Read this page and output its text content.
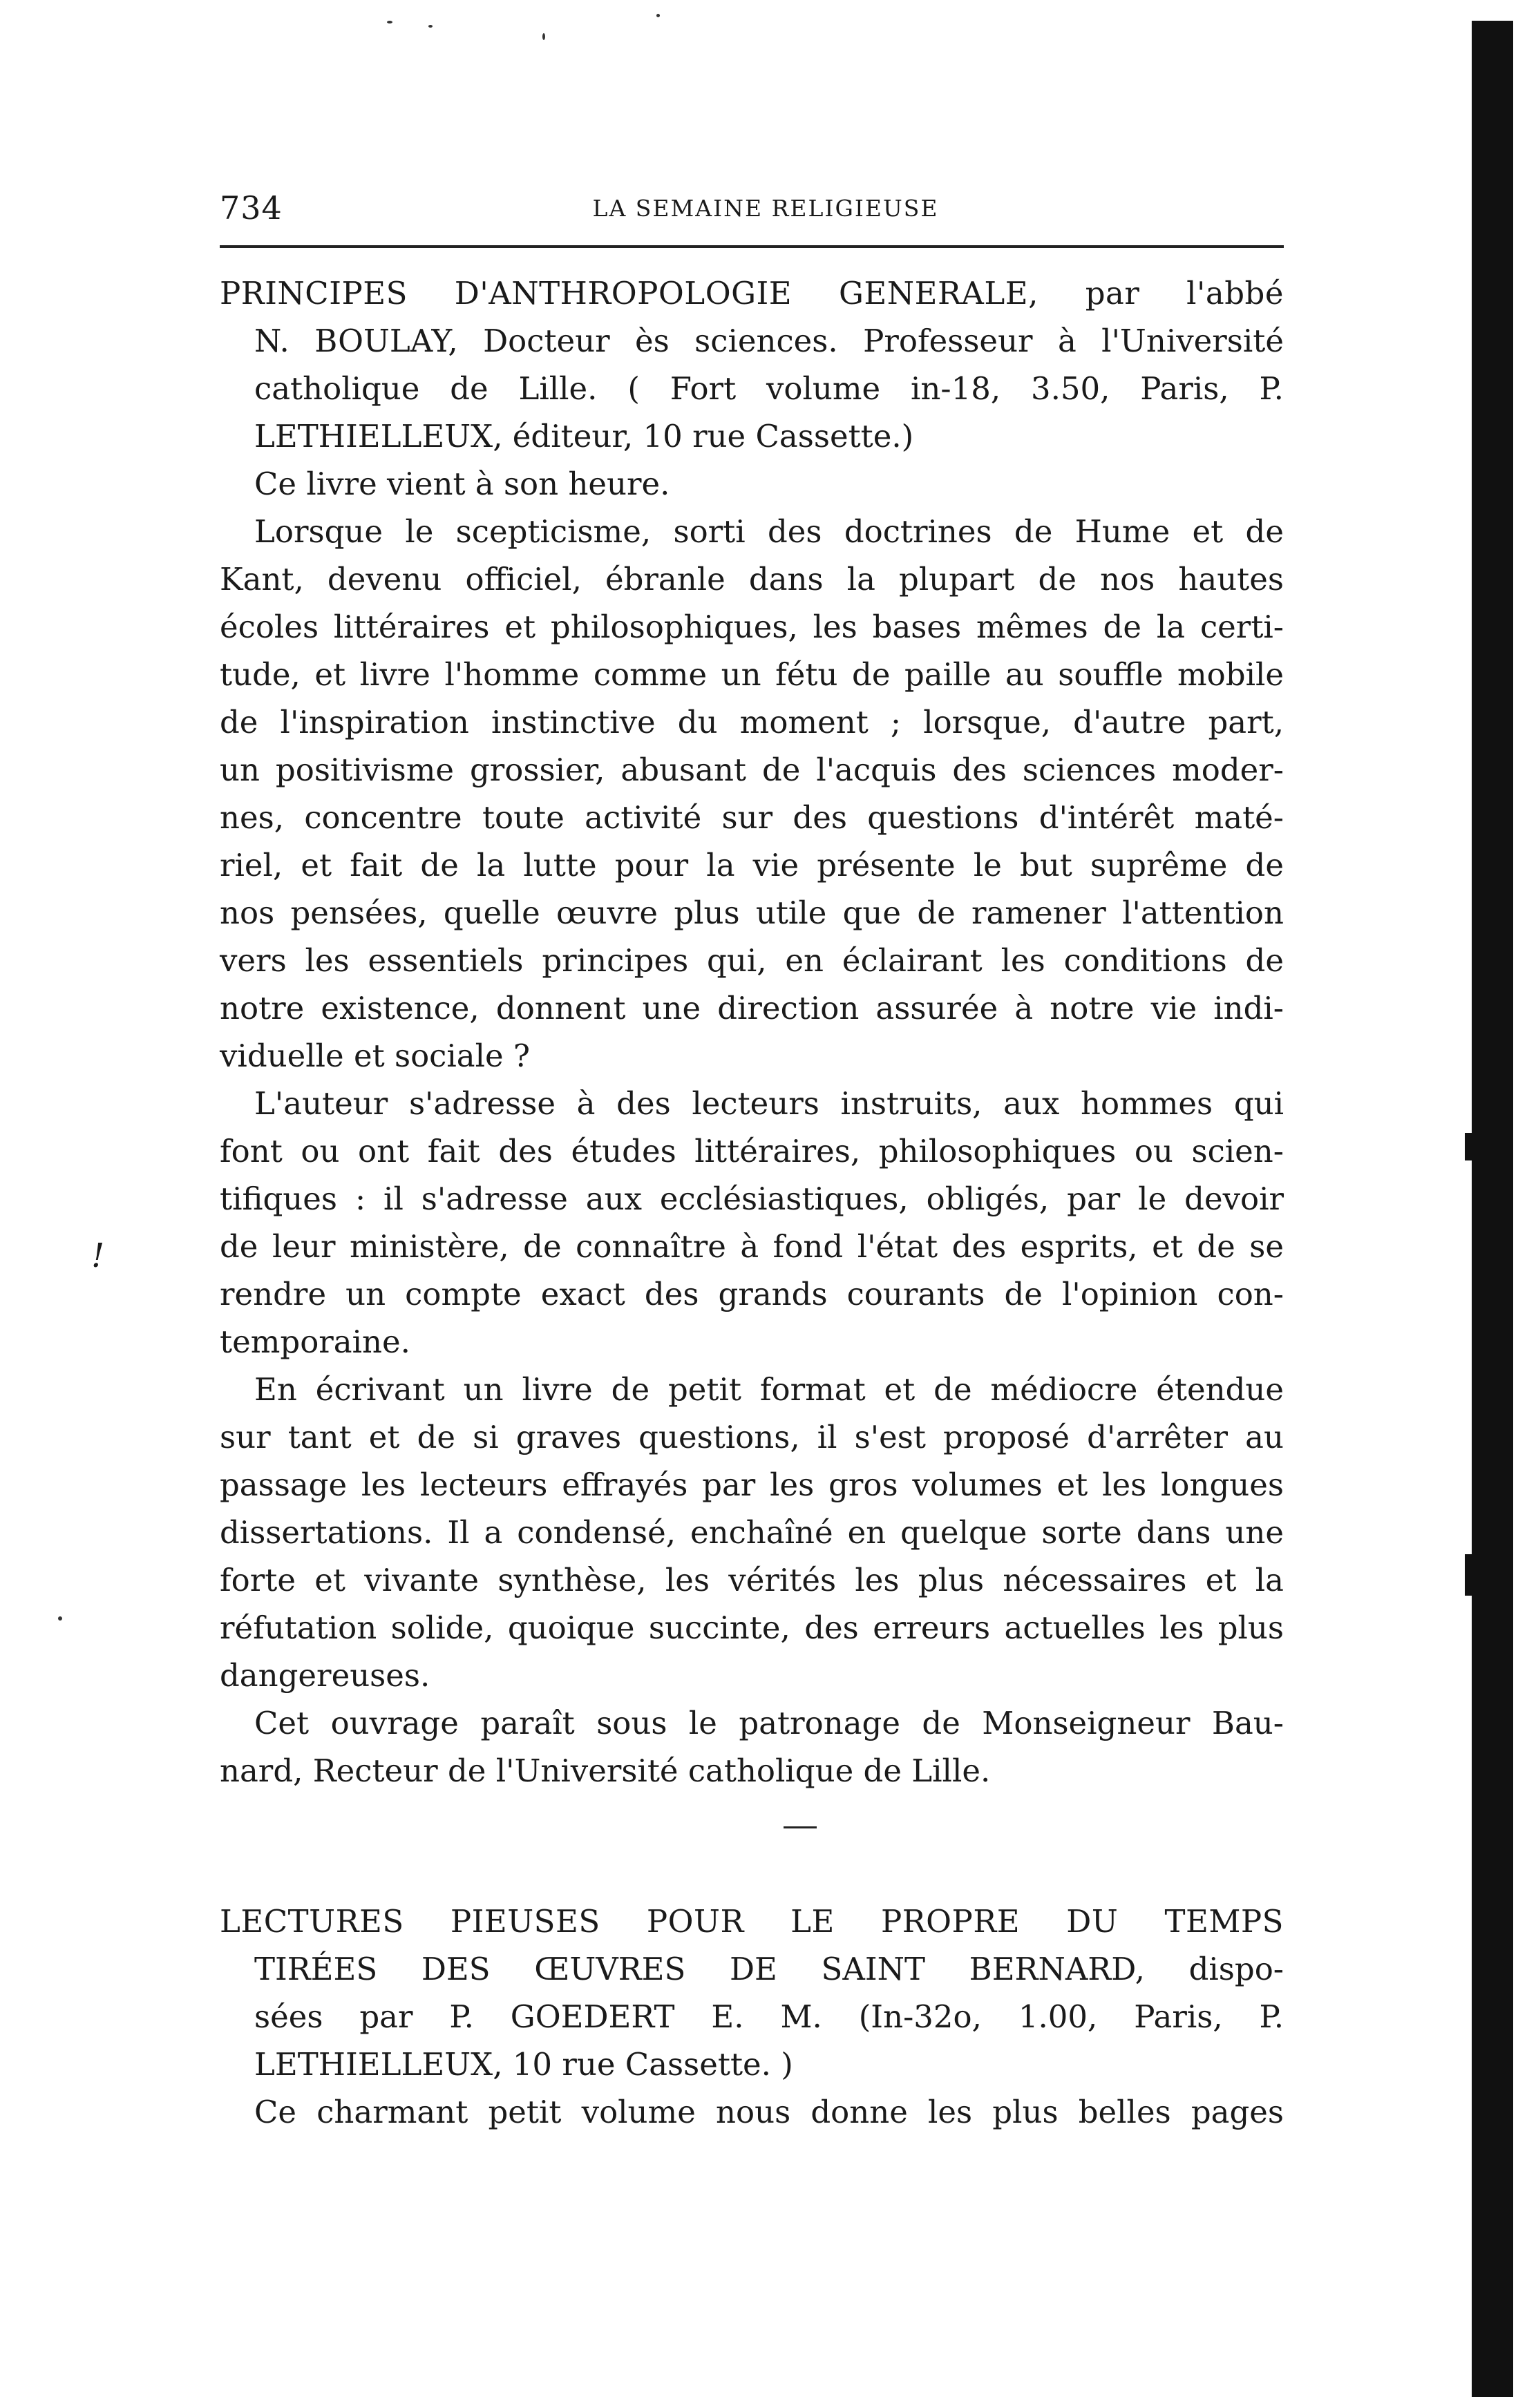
734	LA SEMAINE RELIGIEUSE
!
PRINCIPES D'ANTHROPOLOGIE GENERALE, par l'abbé
N. BOULAY, Docteur ès sciences. Professeur à l'Université
catholique de Lille. ( Fort volume in-18, 3.50, Paris, P.
LETHIELLEUX, éditeur, 10 rue Cassette.)
Ce livre vient à son heure.
Lorsque le scepticisme, sorti des doctrines de Hume et de
Kant, devenu officiel, ébranle dans la plupart de nos hautes
écoles littéraires et philosophiques, les bases mêmes de la certi-
tude, et livre l'homme comme un fétu de paille au souffle mobile
de l'inspiration instinctive du moment ; lorsque, d'autre part,
un positivisme grossier, abusant de l'acquis des sciences moder-
nes, concentre toute activité sur des questions d'intérêt maté-
riel, et fait de la lutte pour la vie présente le but suprême de
nos pensées, quelle œuvre plus utile que de ramener l'attention
vers les essentiels principes qui, en éclairant les conditions de
notre existence, donnent une direction assurée à notre vie indi-
viduelle et sociale ?
L'auteur s'adresse à des lecteurs instruits, aux hommes qui
font ou ont fait des études littéraires, philosophiques ou scien-
tifiques : il s'adresse aux ecclésiastiques, obligés, par le devoir
de leur ministère, de connaître à fond l'état des esprits, et de se
rendre un compte exact des grands courants de l'opinion con-
temporaine.
En écrivant un livre de petit format et de médiocre étendue
sur tant et de si graves questions, il s'est proposé d'arrêter au
passage les lecteurs effrayés par les gros volumes et les longues
dissertations. Il a condensé, enchaîné en quelque sorte dans une
forte et vivante synthèse, les vérités les plus nécessaires et la
réfutation solide, quoique succinte, des erreurs actuelles les plus
dangereuses.
Cet ouvrage paraît sous le patronage de Monseigneur Bau-
nard, Recteur de l'Université catholique de Lille.
LECTURES PIEUSES POUR LE PROPRE DU TEMPS
TIRÉES DES ŒUVRES DE SAINT BERNARD, dispo-
sées par P. GOEDERT E. M. (In-32o, 1.00, Paris, P.
LETHIELLEUX, 10 rue Cassette. )
Ce charmant petit volume nous donne les plus belles pages
